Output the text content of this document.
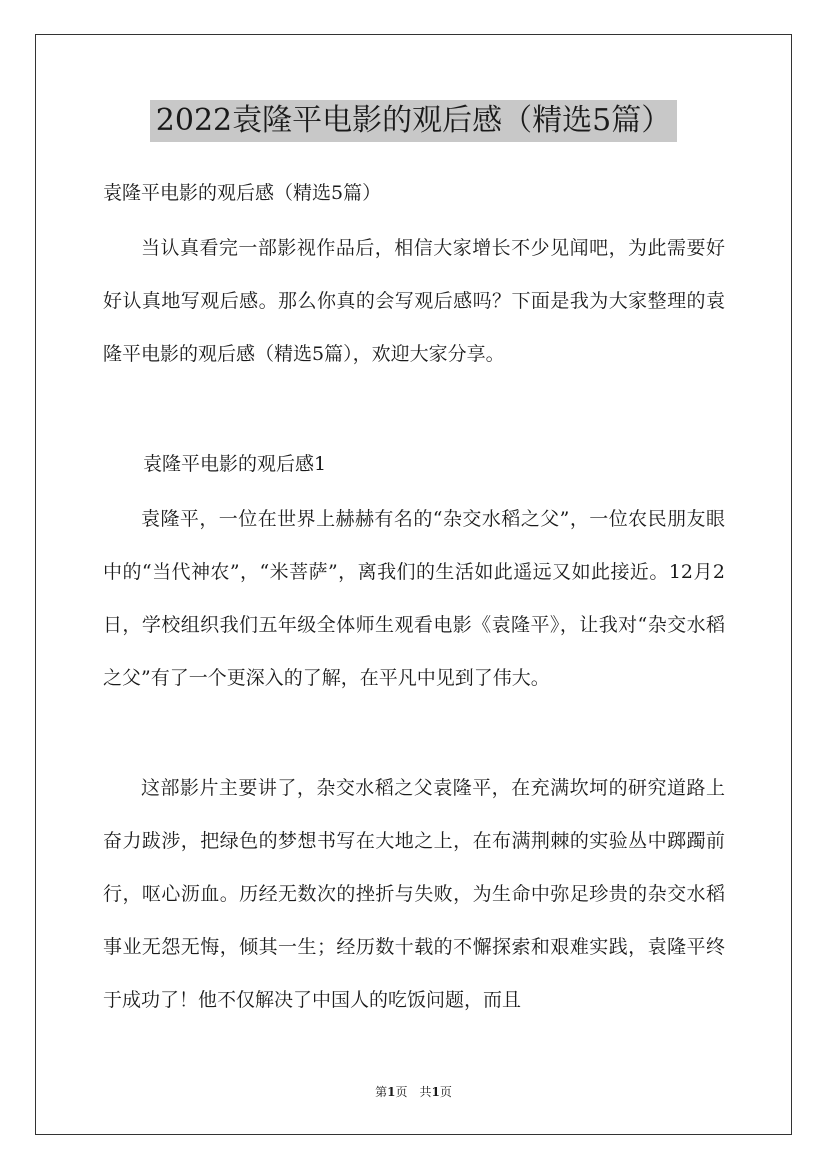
2022袁隆平电影的观后感（精选5篇）
袁隆平电影的观后感（精选5篇）

当认真看完一部影视作品后，相信大家增长不少见闻吧，为此需要好好认真地写观后感。那么你真的会写观后感吗？下面是我为大家整理的袁隆平电影的观后感（精选5篇），欢迎大家分享。

袁隆平电影的观后感1

袁隆平，一位在世界上赫赫有名的“杂交水稻之父”，一位农民朋友眼中的“当代神农”，“米菩萨”，离我们的生活如此遥远又如此接近。12月2日，学校组织我们五年级全体师生观看电影《袁隆平》，让我对“杂交水稻之父”有了一个更深入的了解，在平凡中见到了伟大。

这部影片主要讲了，杂交水稻之父袁隆平，在充满坎坷的研究道路上奋力跋涉，把绿色的梦想书写在大地之上，在布满荆棘的实验丛中踯躅前行，呕心沥血。历经无数次的挫折与失败，为生命中弥足珍贵的杂交水稻事业无怨无悔，倾其一生；经历数十载的不懈探索和艰难实践，袁隆平终于成功了！他不仅解决了中国人的吃饭问题，而且

第1页　共1页
